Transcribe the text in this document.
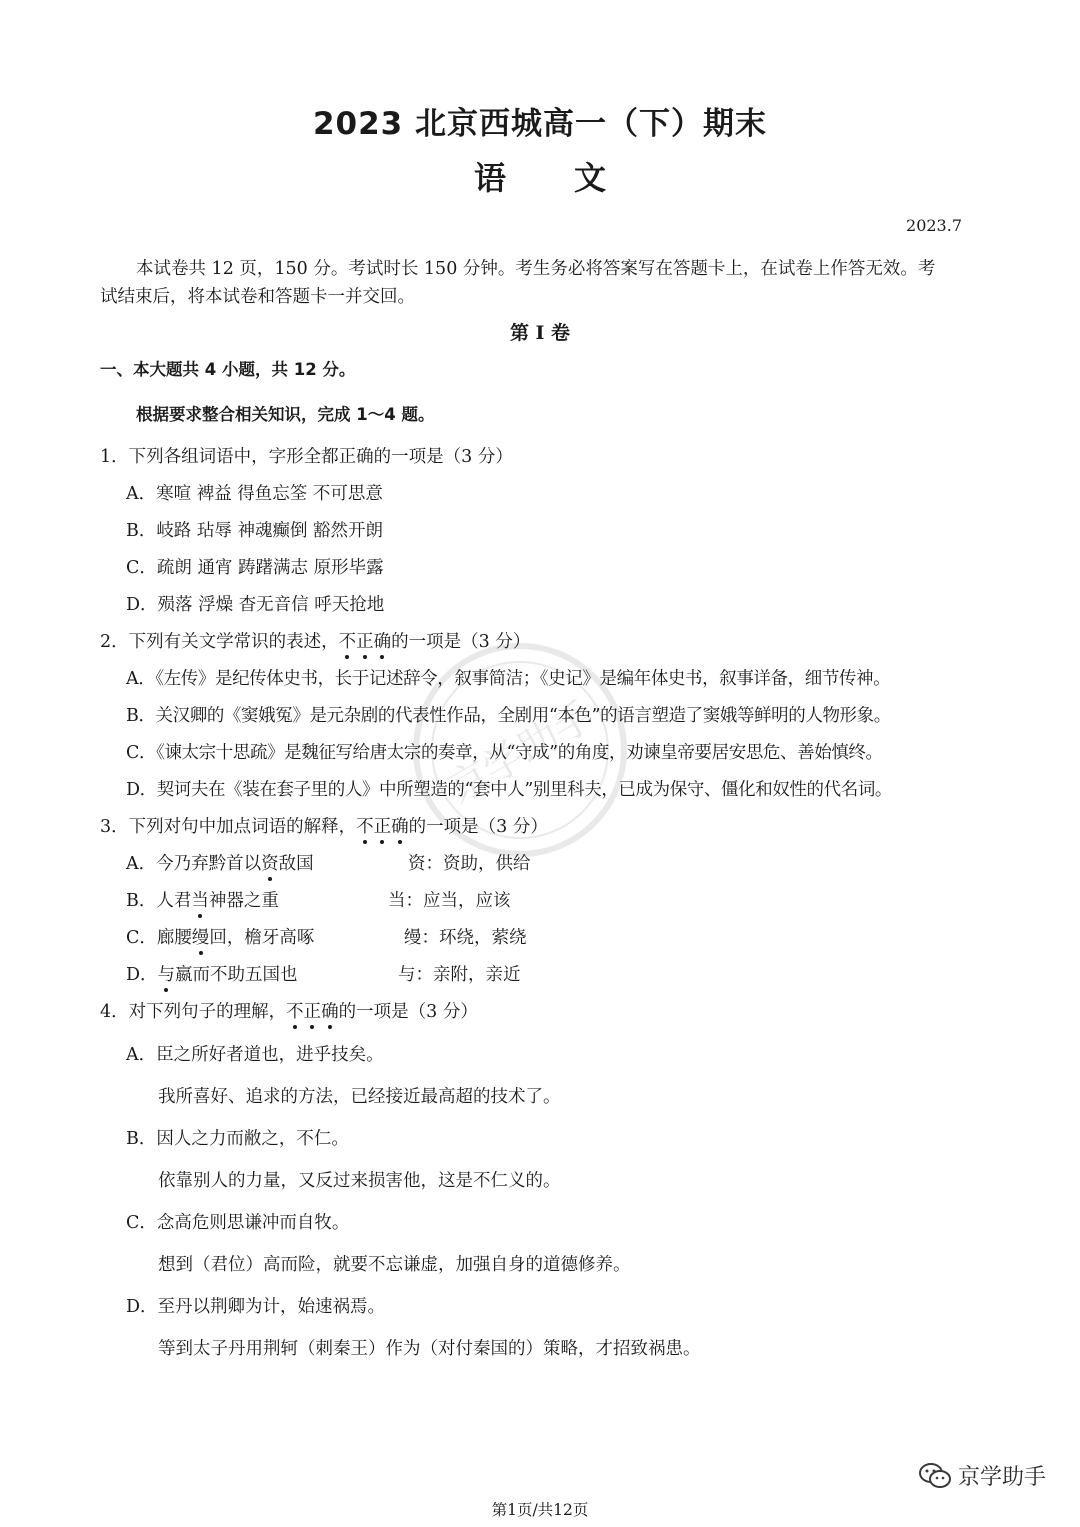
京学助手
2023 北京西城高一（下）期末
语文
2023.7
本试卷共 12 页，150 分。考试时长 150 分钟。考生务必将答案写在答题卡上，在试卷上作答无效。考
试结束后，将本试卷和答题卡一并交回。
第 I 卷
一、本大题共 4 小题，共 12 分。
根据要求整合相关知识，完成 1～4 题。
1．下列各组词语中，字形全都正确的一项是（3 分）
A．寒喧 裨益 得鱼忘筌 不可思意
B．岐路 玷辱 神魂癫倒 豁然开朗
C．疏朗 通宵 踌躇满志 原形毕露
D．殒落 浮燥 杳无音信 呼天抢地
2．下列有关文学常识的表述，不正确的一项是（3 分）
A．《左传》是纪传体史书，长于记述辞令，叙事简洁；《史记》是编年体史书，叙事详备，细节传神。
B．关汉卿的《窦娥冤》是元杂剧的代表性作品，全剧用“本色”的语言塑造了窦娥等鲜明的人物形象。
C．《谏太宗十思疏》是魏征写给唐太宗的奏章，从“守成”的角度，劝谏皇帝要居安思危、善始慎终。
D．契诃夫在《装在套子里的人》中所塑造的“套中人”别里科夫，已成为保守、僵化和奴性的代名词。
3．下列对句中加点词语的解释，不正确的一项是（3 分）
A．今乃弃黔首以资敌国	资：资助，供给
B．人君当神器之重	当：应当，应该
C．廊腰缦回，檐牙高啄	缦：环绕，萦绕
D．与嬴而不助五国也	与：亲附，亲近
4．对下列句子的理解，不正确的一项是（3 分）
A．臣之所好者道也，进乎技矣。
我所喜好、追求的方法，已经接近最高超的技术了。
B．因人之力而敝之，不仁。
依靠别人的力量，又反过来损害他，这是不仁义的。
C．念高危则思谦冲而自牧。
想到（君位）高而险，就要不忘谦虚，加强自身的道德修养。
D．至丹以荆卿为计，始速祸焉。
等到太子丹用荆轲（刺秦王）作为（对付秦国的）策略，才招致祸患。
京学助手
第1页/共12页
